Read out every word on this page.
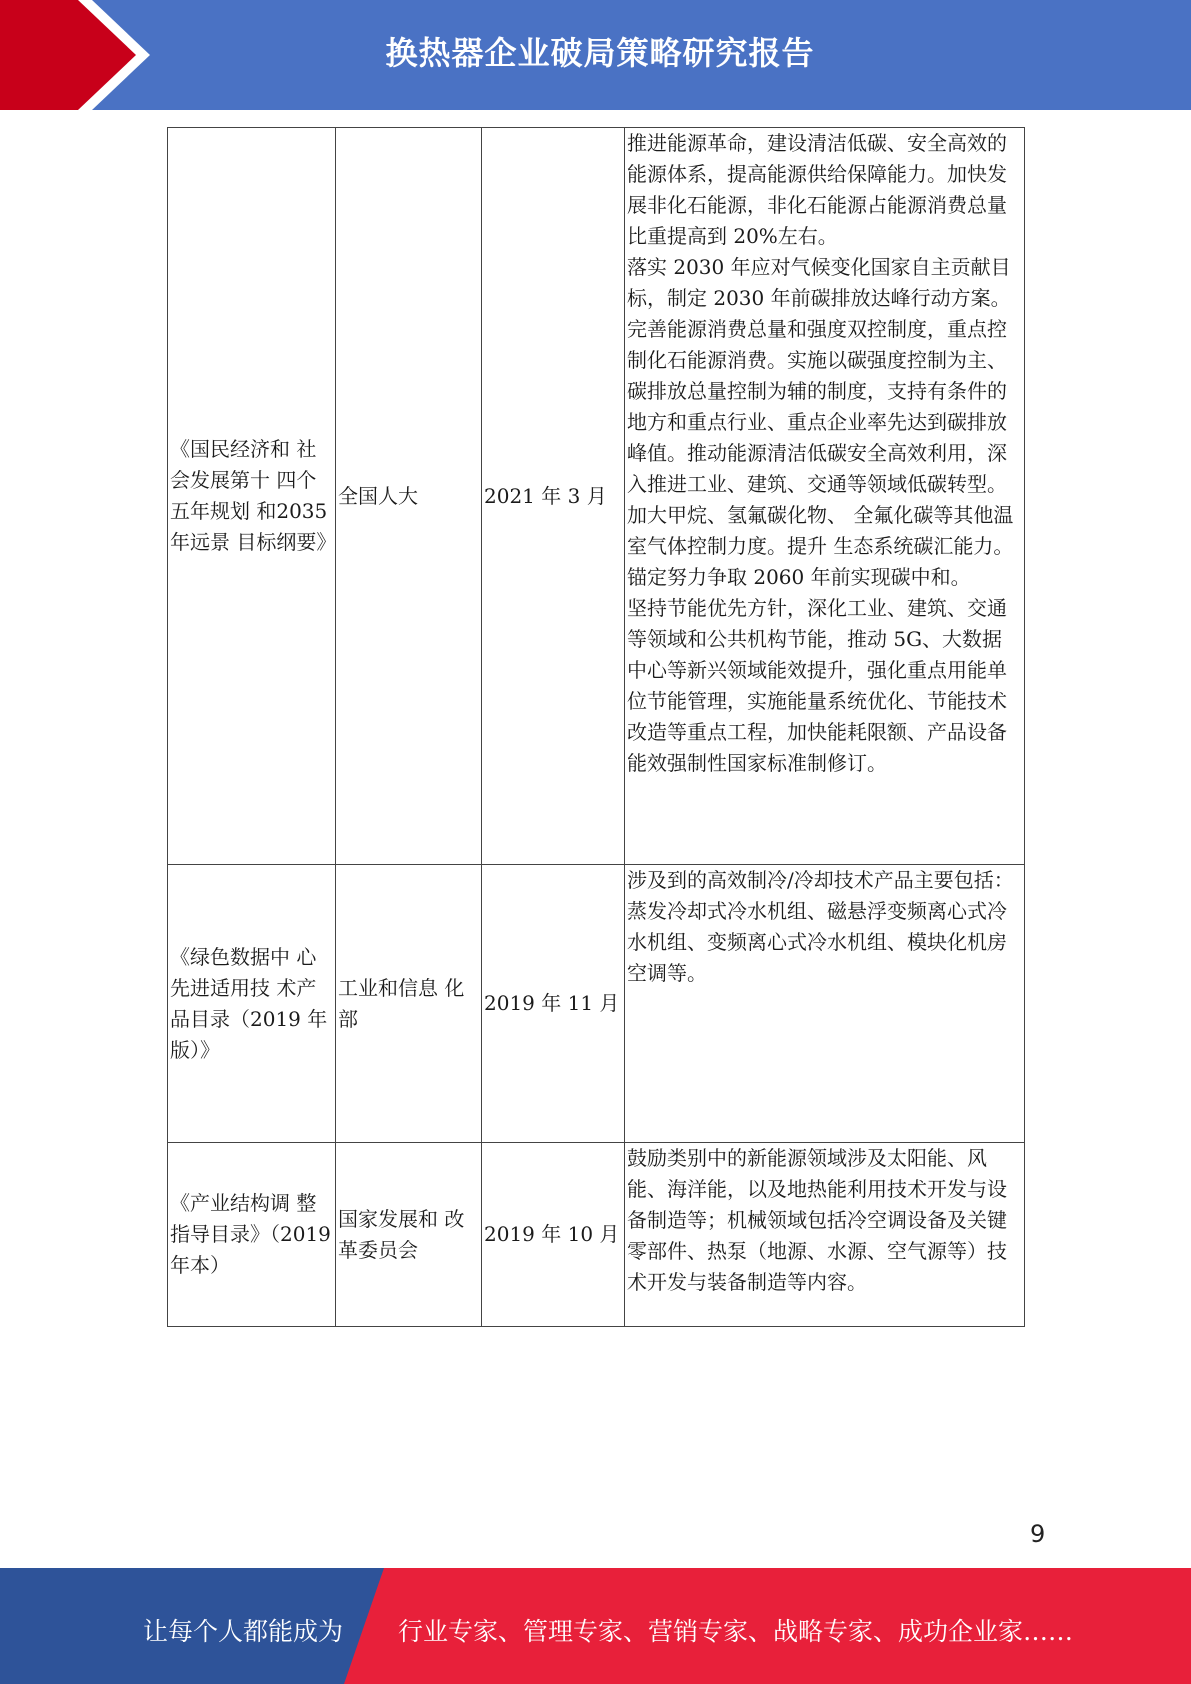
换热器企业破局策略研究报告
《国民经济和 社会发展第十 四个五年规划 和2035年远景 目标纲要》	全国人大	2021 年 3 月	推进能源革命，建设清洁低碳、安全高效的能源体系，提高能源供给保障能力。加快发展非化石能源，非化石能源占能源消费总量比重提高到 20%左右。
落实 2030 年应对气候变化国家自主贡献目标，制定 2030 年前碳排放达峰行动方案。完善能源消费总量和强度双控制度，重点控制化石能源消费。实施以碳强度控制为主、碳排放总量控制为辅的制度，支持有条件的地方和重点行业、重点企业率先达到碳排放峰值。推动能源清洁低碳安全高效利用，深入推进工业、建筑、交通等领域低碳转型。加大甲烷、氢氟碳化物、 全氟化碳等其他温室气体控制力度。提升 生态系统碳汇能力。锚定努力争取 2060 年前实现碳中和。
坚持节能优先方针，深化工业、建筑、交通等领域和公共机构节能，推动 5G、大数据中心等新兴领域能效提升，强化重点用能单位节能管理，实施能量系统优化、节能技术改造等重点工程，加快能耗限额、产品设备能效强制性国家标准制修订。

《绿色数据中 心先进适用技 术产品目录（2019 年版）》	工业和信息 化部	2019 年 11 月	涉及到的高效制冷/冷却技术产品主要包括：蒸发冷却式冷水机组、磁悬浮变频离心式冷水机组、变频离心式冷水机组、模块化机房空调等。

《产业结构调 整指导目录》（2019 年本）	国家发展和 改革委员会	2019 年 10 月	鼓励类别中的新能源领域涉及太阳能、风能、海洋能，以及地热能利用技术开发与设备制造等；机械领域包括冷空调设备及关键零部件、热泵（地源、水源、空气源等）技术开发与装备制造等内容。
9
让每个人都能成为 行业专家、管理专家、营销专家、战略专家、成功企业家……
